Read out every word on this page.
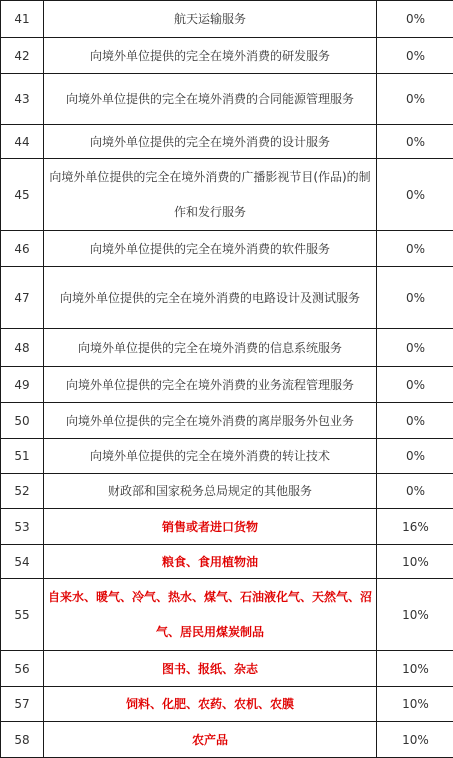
41	航天运输服务	0%
42	向境外单位提供的完全在境外消费的研发服务	0%
43	向境外单位提供的完全在境外消费的合同能源管理服务	0%
44	向境外单位提供的完全在境外消费的设计服务	0%
45	向境外单位提供的完全在境外消费的广播影视节目(作品)的制作和发行服务	0%
46	向境外单位提供的完全在境外消费的软件服务	0%
47	向境外单位提供的完全在境外消费的电路设计及测试服务	0%
48	向境外单位提供的完全在境外消费的信息系统服务	0%
49	向境外单位提供的完全在境外消费的业务流程管理服务	0%
50	向境外单位提供的完全在境外消费的离岸服务外包业务	0%
51	向境外单位提供的完全在境外消费的转让技术	0%
52	财政部和国家税务总局规定的其他服务	0%
53	销售或者进口货物	16%
54	粮食、食用植物油	10%
55	自来水、暖气、冷气、热水、煤气、石油液化气、天然气、沼气、居民用煤炭制品	10%
56	图书、报纸、杂志	10%
57	饲料、化肥、农药、农机、农膜	10%
58	农产品	10%
